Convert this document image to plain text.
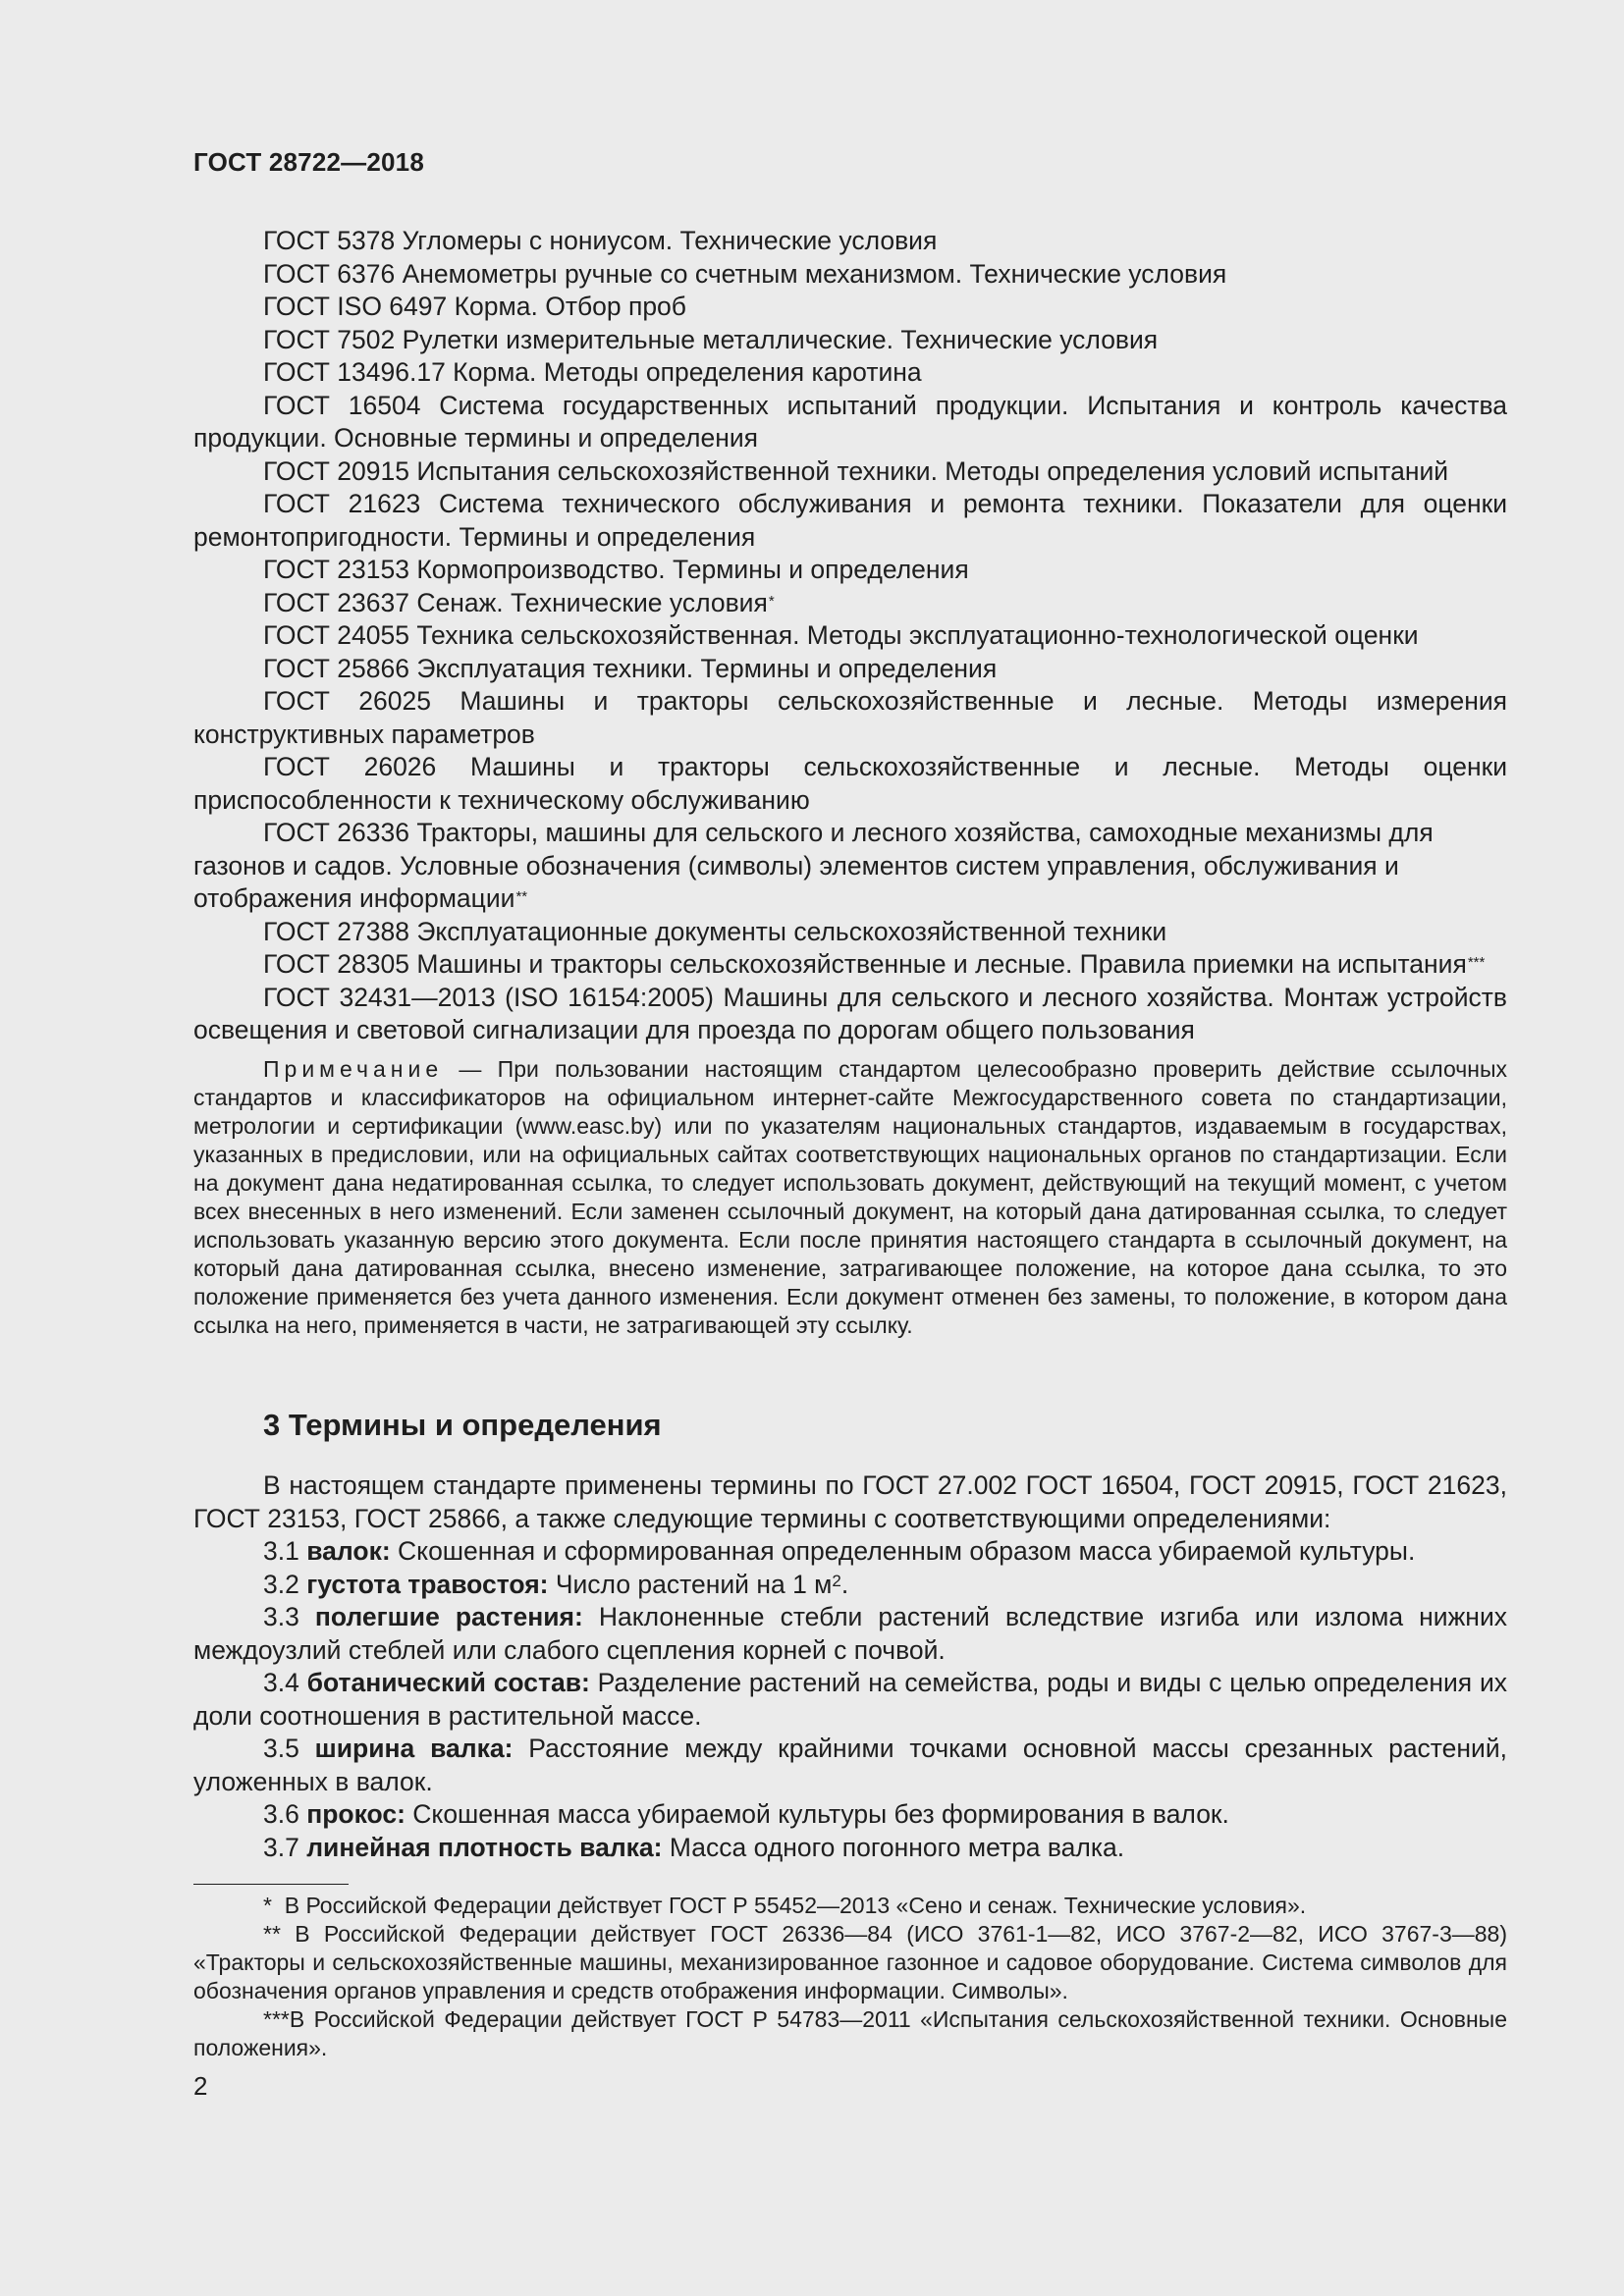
ГОСТ 28722—2018

ГОСТ 5378 Угломеры с нониусом. Технические условия

ГОСТ 6376 Анемометры ручные со счетным механизмом. Технические условия

ГОСТ ISO 6497 Корма. Отбор проб

ГОСТ 7502 Рулетки измерительные металлические. Технические условия

ГОСТ 13496.17 Корма. Методы определения каротина

ГОСТ 16504 Система государственных испытаний продукции. Испытания и контроль качества продукции. Основные термины и определения

ГОСТ 20915 Испытания сельскохозяйственной техники. Методы определения условий испытаний

ГОСТ 21623 Система технического обслуживания и ремонта техники. Показатели для оценки ремонтопригодности. Термины и определения

ГОСТ 23153 Кормопроизводство. Термины и определения

ГОСТ 23637 Сенаж. Технические условия*

ГОСТ 24055 Техника сельскохозяйственная. Методы эксплуатационно-технологической оценки

ГОСТ 25866 Эксплуатация техники. Термины и определения

ГОСТ 26025 Машины и тракторы сельскохозяйственные и лесные. Методы измерения конструктивных параметров

ГОСТ 26026 Машины и тракторы сельскохозяйственные и лесные. Методы оценки приспособленности к техническому обслуживанию

ГОСТ 26336 Тракторы, машины для сельского и лесного хозяйства, самоходные механизмы для газонов и садов. Условные обозначения (символы) элементов систем управления, обслуживания и отображения информации**

ГОСТ 27388 Эксплуатационные документы сельскохозяйственной техники

ГОСТ 28305 Машины и тракторы сельскохозяйственные и лесные. Правила приемки на испытания***

ГОСТ 32431—2013 (ISO 16154:2005) Машины для сельского и лесного хозяйства. Монтаж устройств освещения и световой сигнализации для проезда по дорогам общего пользования

Примечание — При пользовании настоящим стандартом целесообразно проверить действие ссылочных стандартов и классификаторов на официальном интернет-сайте Межгосударственного совета по стандартизации, метрологии и сертификации (www.easc.by) или по указателям национальных стандартов, издаваемым в государствах, указанных в предисловии, или на официальных сайтах соответствующих национальных органов по стандартизации. Если на документ дана недатированная ссылка, то следует использовать документ, действующий на текущий момент, с учетом всех внесенных в него изменений. Если заменен ссылочный документ, на который дана датированная ссылка, то следует использовать указанную версию этого документа. Если после принятия настоящего стандарта в ссылочный документ, на который дана датированная ссылка, внесено изменение, затрагивающее положение, на которое дана ссылка, то это положение применяется без учета данного изменения. Если документ отменен без замены, то положение, в котором дана ссылка на него, применяется в части, не затрагивающей эту ссылку.

3 Термины и определения

В настоящем стандарте применены термины по ГОСТ 27.002 ГОСТ 16504, ГОСТ 20915, ГОСТ 21623, ГОСТ 23153, ГОСТ 25866, а также следующие термины с соответствующими определениями:

3.1 валок: Скошенная и сформированная определенным образом масса убираемой культуры.

3.2 густота травостоя: Число растений на 1 $м^2$.

3.3 полегшие растения: Наклоненные стебли растений вследствие изгиба или излома нижних междоузлий стеблей или слабого сцепления корней с почвой.

3.4 ботанический состав: Разделение растений на семейства, роды и виды с целью определения их доли соотношения в растительной массе.

3.5 ширина валка: Расстояние между крайними точками основной массы срезанных растений, уложенных в валок.

3.6 прокос: Скошенная масса убираемой культуры без формирования в валок.

3.7 линейная плотность валка: Масса одного погонного метра валка.

* В Российской Федерации действует ГОСТ Р 55452—2013 «Сено и сенаж. Технические условия».

** В Российской Федерации действует ГОСТ 26336—84 (ИСО 3761-1—82, ИСО 3767-2—82, ИСО 3767-3—88) «Тракторы и сельскохозяйственные машины, механизированное газонное и садовое оборудование. Система символов для обозначения органов управления и средств отображения информации. Символы».

***В Российской Федерации действует ГОСТ Р 54783—2011 «Испытания сельскохозяйственной техники. Основные положения».

2
